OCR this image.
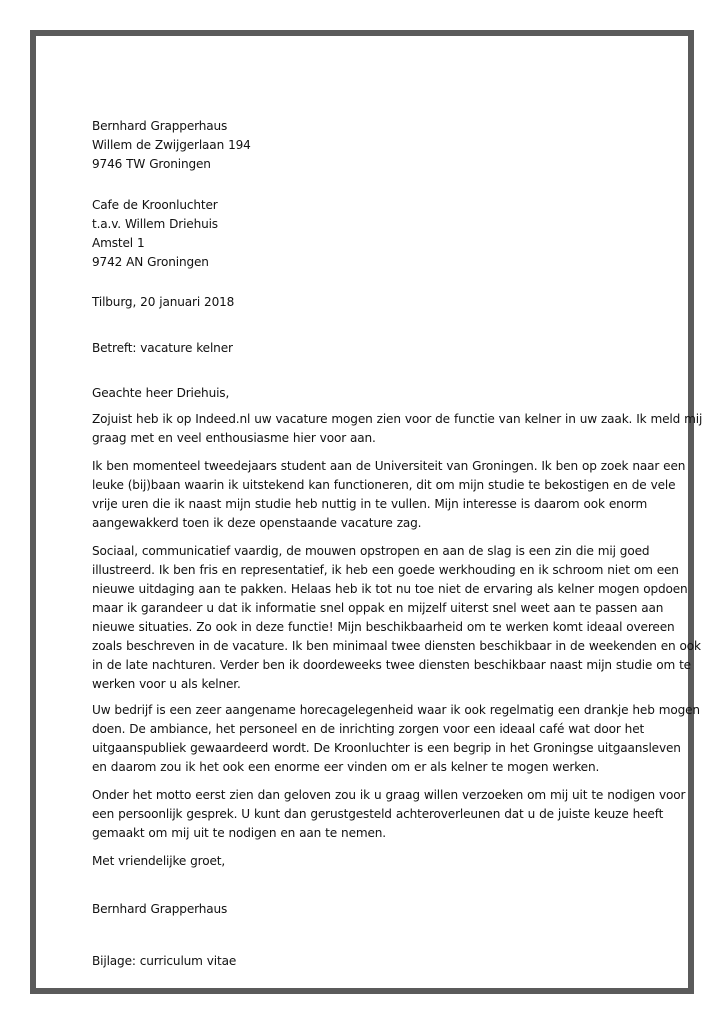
Bernhard Grapperhaus
Willem de Zwijgerlaan 194
9746 TW Groningen
Cafe de Kroonluchter
t.a.v. Willem Driehuis
Amstel 1
9742 AN Groningen
Tilburg, 20 januari 2018
Betreft: vacature kelner
Geachte heer Driehuis,
Zojuist heb ik op Indeed.nl uw vacature mogen zien voor de functie van kelner in uw zaak. Ik meld mij
graag met en veel enthousiasme hier voor aan.
Ik ben momenteel tweedejaars student aan de Universiteit van Groningen. Ik ben op zoek naar een
leuke (bij)baan waarin ik uitstekend kan functioneren, dit om mijn studie te bekostigen en de vele
vrije uren die ik naast mijn studie heb nuttig in te vullen. Mijn interesse is daarom ook enorm
aangewakkerd toen ik deze openstaande vacature zag.
Sociaal, communicatief vaardig, de mouwen opstropen en aan de slag is een zin die mij goed
illustreerd. Ik ben fris en representatief, ik heb een goede werkhouding en ik schroom niet om een
nieuwe uitdaging aan te pakken. Helaas heb ik tot nu toe niet de ervaring als kelner mogen opdoen
maar ik garandeer u dat ik informatie snel oppak en mijzelf uiterst snel weet aan te passen aan
nieuwe situaties. Zo ook in deze functie! Mijn beschikbaarheid om te werken komt ideaal overeen
zoals beschreven in de vacature. Ik ben minimaal twee diensten beschikbaar in de weekenden en ook
in de late nachturen. Verder ben ik doordeweeks twee diensten beschikbaar naast mijn studie om te
werken voor u als kelner.
Uw bedrijf is een zeer aangename horecagelegenheid waar ik ook regelmatig een drankje heb mogen
doen. De ambiance, het personeel en de inrichting zorgen voor een ideaal café wat door het
uitgaanspubliek gewaardeerd wordt. De Kroonluchter is een begrip in het Groningse uitgaansleven
en daarom zou ik het ook een enorme eer vinden om er als kelner te mogen werken.
Onder het motto eerst zien dan geloven zou ik u graag willen verzoeken om mij uit te nodigen voor
een persoonlijk gesprek. U kunt dan gerustgesteld achteroverleunen dat u de juiste keuze heeft
gemaakt om mij uit te nodigen en aan te nemen.
Met vriendelijke groet,
Bernhard Grapperhaus
Bijlage: curriculum vitae
